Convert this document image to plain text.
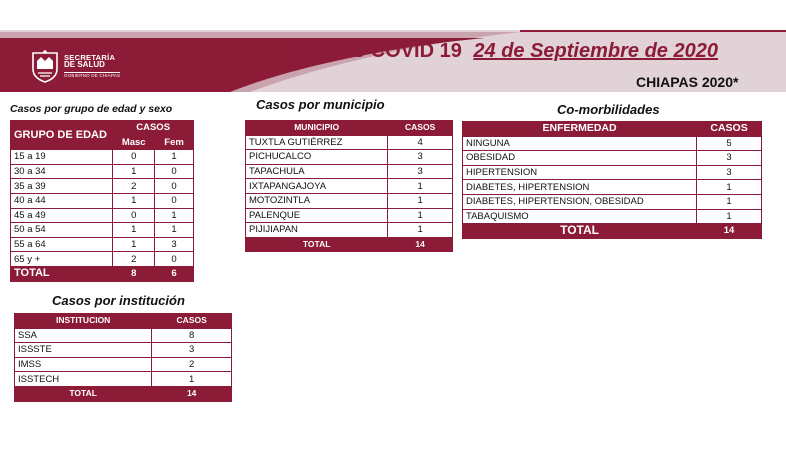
SECRETARÍA
DE SALUD
GOBIERNO DE CHIAPAS
CASOS COVID 19 24 de Septiembre de 2020
CHIAPAS 2020*
Casos por grupo de edad y sexo
GRUPO DE EDAD	CASOS	
	Masc	Fem
15 a 19	0	1
30 a 34	1	0
35 a 39	2	0
40 a 44	1	0
45 a 49	0	1
50 a 54	1	1
55 a 64	1	3
65 y +	2	0
TOTAL	8	6
Casos por municipio
MUNICIPIO	CASOS
TUXTLA GUTIÉRREZ	4
PICHUCALCO	3
TAPACHULA	3
IXTAPANGAJOYA	1
MOTOZINTLA	1
PALENQUE	1
PIJIJIAPAN	1
TOTAL	14
Co-morbilidades
ENFERMEDAD	CASOS
NINGUNA	5
OBESIDAD	3
HIPERTENSION	3
DIABETES, HIPERTENSION	1
DIABETES, HIPERTENSION, OBESIDAD	1
TABAQUISMO	1
TOTAL	14
Casos por institución
INSTITUCION	CASOS
SSA	8
ISSSTE	3
IMSS	2
ISSTECH	1
TOTAL	14
